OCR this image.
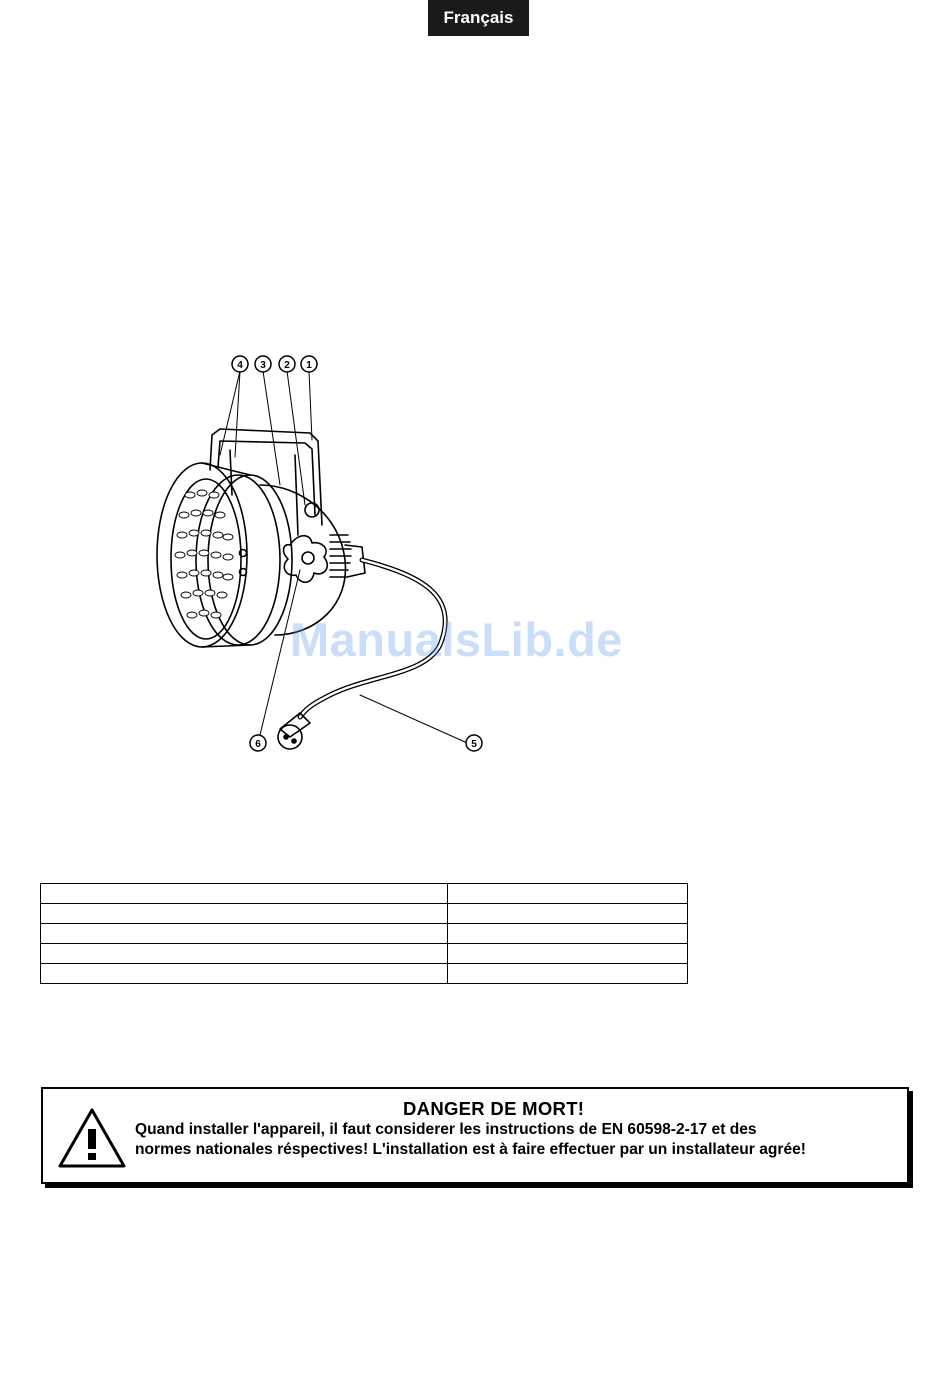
Français
4 3 2 1
6	5
ManualsLib.de

DANGER DE MORT!
Quand installer l'appareil, il faut considerer les instructions de EN 60598-2-17 et des
normes nationales réspectives! L'installation est à faire effectuer par un installateur agrée!
